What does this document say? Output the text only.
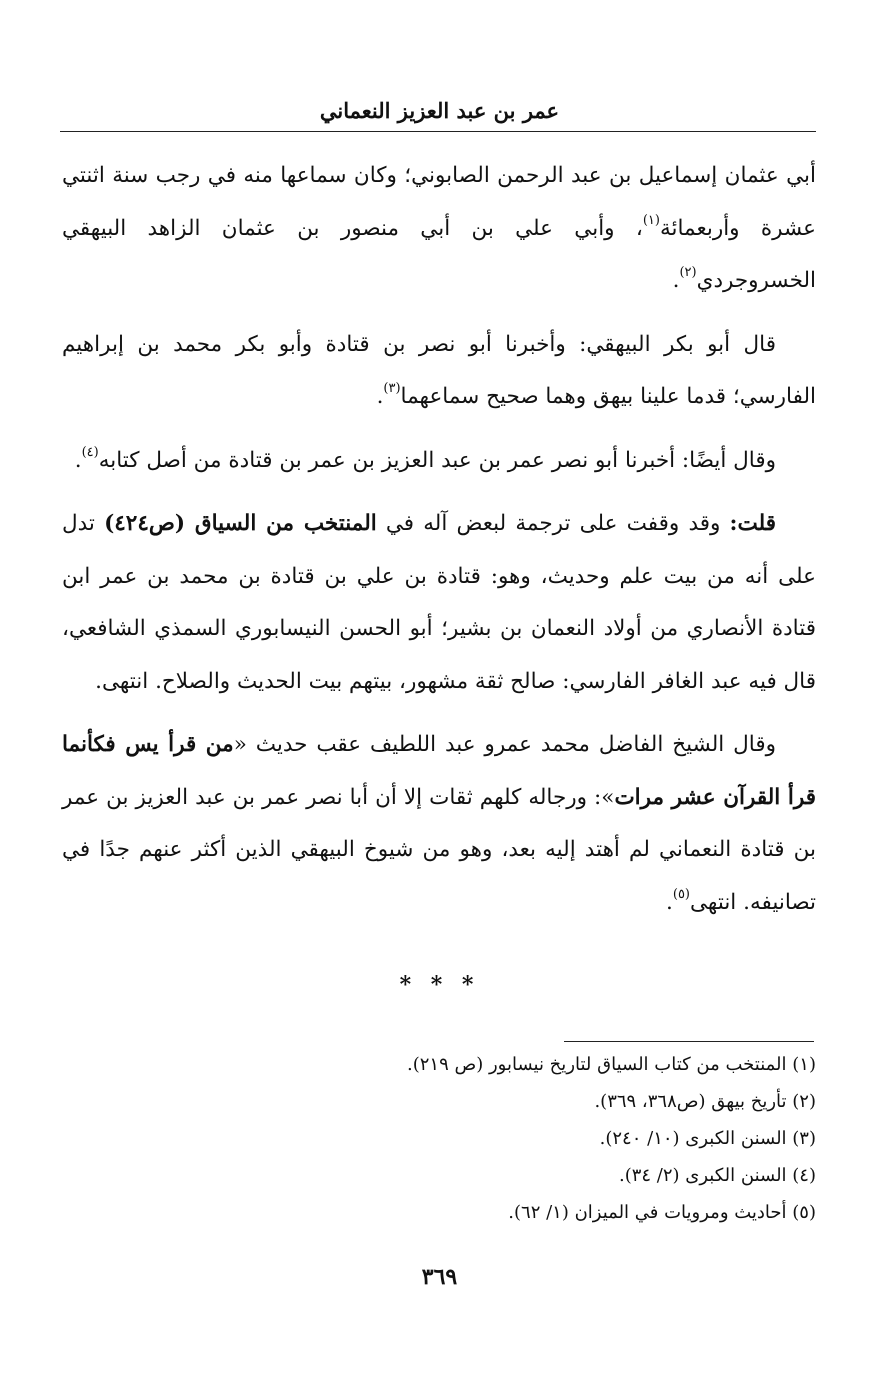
عمر بن عبد العزيز النعماني

أبي عثمان إسماعيل بن عبد الرحمن الصابوني؛ وكان سماعها منه في رجب سنة اثنتي عشرة وأربعمائة$^{(١)}$، وأبي علي بن أبي منصور بن عثمان الزاهد البيهقي الخسروجردي$^{(٢)}$.

قال أبو بكر البيهقي: وأخبرنا أبو نصر بن قتادة وأبو بكر محمد بن إبراهيم الفارسي؛ قدما علينا بيهق وهما صحيح سماعهما$^{(٣)}$.

وقال أيضًا: أخبرنا أبو نصر عمر بن عبد العزيز بن عمر بن قتادة من أصل كتابه$^{(٤)}$.

قلت: وقد وقفت على ترجمة لبعض آله في المنتخب من السياق (ص٤٢٤) تدل على أنه من بيت علم وحديث، وهو: قتادة بن علي بن قتادة بن محمد بن عمر ابن قتادة الأنصاري من أولاد النعمان بن بشير؛ أبو الحسن النيسابوري السمذي الشافعي، قال فيه عبد الغافر الفارسي: صالح ثقة مشهور، بيتهم بيت الحديث والصلاح. انتهى.

وقال الشيخ الفاضل محمد عمرو عبد اللطيف عقب حديث «من قرأ يس فكأنما قرأ القرآن عشر مرات»: ورجاله كلهم ثقات إلا أن أبا نصر عمر بن عبد العزيز بن عمر بن قتادة النعماني لم أهتد إليه بعد، وهو من شيوخ البيهقي الذين أكثر عنهم جدًا في تصانيفه. انتهى$^{(٥)}$.

* * *
(١) المنتخب من كتاب السياق لتاريخ نيسابور (ص ٢١٩).
(٢) تأريخ بيهق (ص٣٦٨، ٣٦٩).
(٣) السنن الكبرى (١٠/ ٢٤٠).
(٤) السنن الكبرى (٢/ ٣٤).
(٥) أحاديث ومرويات في الميزان (١/ ٦٢).
٣٦٩
